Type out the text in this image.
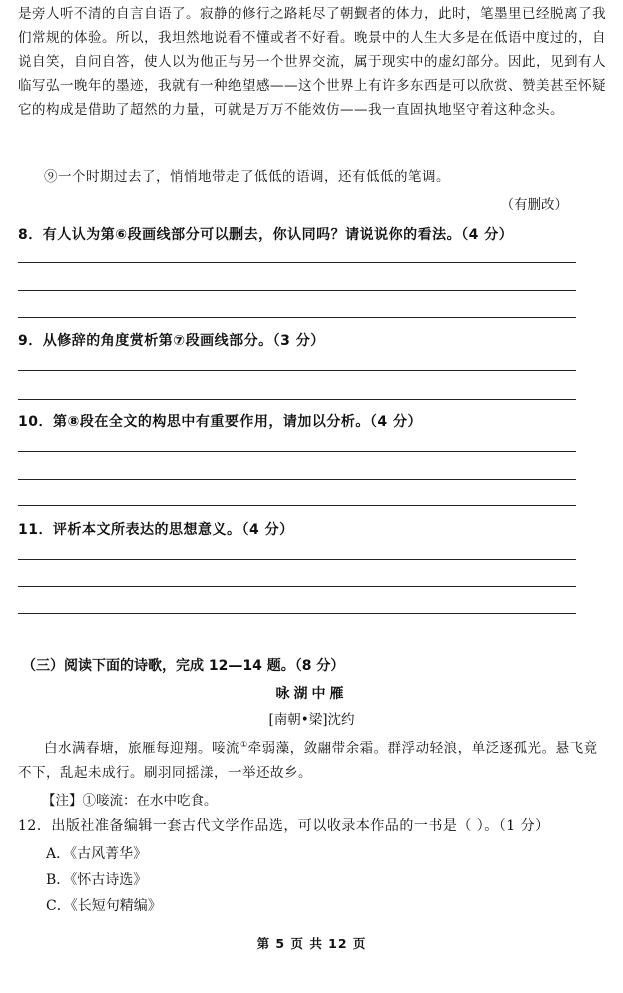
是旁人听不清的自言自语了。寂静的修行之路耗尽了朝觐者的体力，此时，笔墨里已经脱离了我们常规的体验。所以，我坦然地说看不懂或者不好看。晚景中的人生大多是在低语中度过的，自说自笑，自问自答，使人以为他正与另一个世界交流，属于现实中的虚幻部分。因此，见到有人临写弘一晚年的墨迹，我就有一种绝望感——这个世界上有许多东西是可以欣赏、赞美甚至怀疑它的构成是借助了超然的力量，可就是万万不能效仿——我一直固执地坚守着这种念头。

⑨一个时期过去了，悄悄地带走了低低的语调，还有低低的笔调。

（有删改）
8．有人认为第⑥段画线部分可以删去，你认同吗？请说说你的看法。（4 分）
9．从修辞的角度赏析第⑦段画线部分。（3 分）
10．第⑧段在全文的构思中有重要作用，请加以分析。（4 分）
11．评析本文所表达的思想意义。（4 分）
（三）阅读下面的诗歌，完成 12—14 题。（8 分）
咏湖中雁
[南朝•梁]沈约

白水满春塘，旅雁每迎翔。唼流①牵弱藻，敛翮带余霜。群浮动轻浪，单泛逐孤光。悬飞竟不下，乱起未成行。刷羽同摇漾，一举还故乡。

【注】①唼流：在水中吃食。
12．出版社准备编辑一套古代文学作品选，可以收录本作品的一书是（ ）。（1 分）
A．《古风菁华》
B．《怀古诗选》
C．《长短句精编》
第 5 页 共 12 页
